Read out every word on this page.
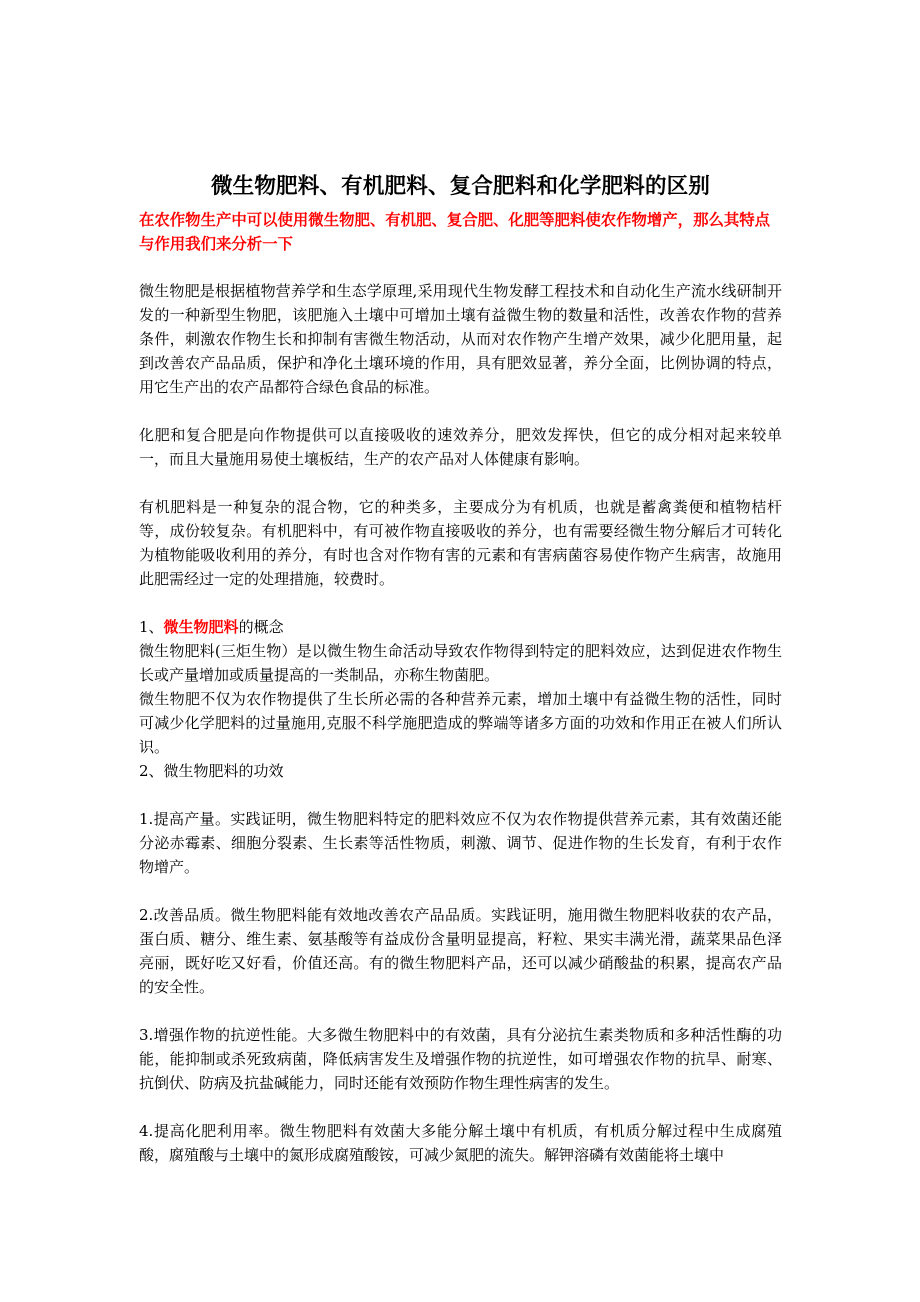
微生物肥料、有机肥料、复合肥料和化学肥料的区别
在农作物生产中可以使用微生物肥、有机肥、复合肥、化肥等肥料使农作物增产，那么其特点与作用我们来分析一下

微生物肥是根据植物营养学和生态学原理,采用现代生物发酵工程技术和自动化生产流水线研制开发的一种新型生物肥，该肥施入土壤中可增加土壤有益微生物的数量和活性，改善农作物的营养条件，刺激农作物生长和抑制有害微生物活动，从而对农作物产生增产效果，减少化肥用量，起到改善农产品品质，保护和净化土壤环境的作用，具有肥效显著，养分全面，比例协调的特点，用它生产出的农产品都符合绿色食品的标准。

化肥和复合肥是向作物提供可以直接吸收的速效养分，肥效发挥快，但它的成分相对起来较单一，而且大量施用易使土壤板结，生产的农产品对人体健康有影响。

有机肥料是一种复杂的混合物，它的种类多，主要成分为有机质，也就是蓄禽粪便和植物桔杆等，成份较复杂。有机肥料中，有可被作物直接吸收的养分，也有需要经微生物分解后才可转化为植物能吸收利用的养分，有时也含对作物有害的元素和有害病菌容易使作物产生病害，故施用此肥需经过一定的处理措施，较费时。

1、微生物肥料的概念

微生物肥料(三炬生物）是以微生物生命活动导致农作物得到特定的肥料效应，达到促进农作物生长或产量增加或质量提高的一类制品，亦称生物菌肥。

微生物肥不仅为农作物提供了生长所必需的各种营养元素，增加土壤中有益微生物的活性，同时可减少化学肥料的过量施用,克服不科学施肥造成的弊端等诸多方面的功效和作用正在被人们所认识。

2、微生物肥料的功效

1.提高产量。实践证明，微生物肥料特定的肥料效应不仅为农作物提供营养元素，其有效菌还能分泌赤霉素、细胞分裂素、生长素等活性物质，刺激、调节、促进作物的生长发育，有利于农作物增产。

2.改善品质。微生物肥料能有效地改善农产品品质。实践证明，施用微生物肥料收获的农产品，蛋白质、糖分、维生素、氨基酸等有益成份含量明显提高，籽粒、果实丰满光滑，蔬菜果品色泽亮丽，既好吃又好看，价值还高。有的微生物肥料产品，还可以减少硝酸盐的积累，提高农产品的安全性。

3.增强作物的抗逆性能。大多微生物肥料中的有效菌，具有分泌抗生素类物质和多种活性酶的功能，能抑制或杀死致病菌，降低病害发生及增强作物的抗逆性，如可增强农作物的抗旱、耐寒、抗倒伏、防病及抗盐碱能力，同时还能有效预防作物生理性病害的发生。

4.提高化肥利用率。微生物肥料有效菌大多能分解土壤中有机质，有机质分解过程中生成腐殖酸，腐殖酸与土壤中的氮形成腐殖酸铵，可减少氮肥的流失。解钾溶磷有效菌能将土壤中
